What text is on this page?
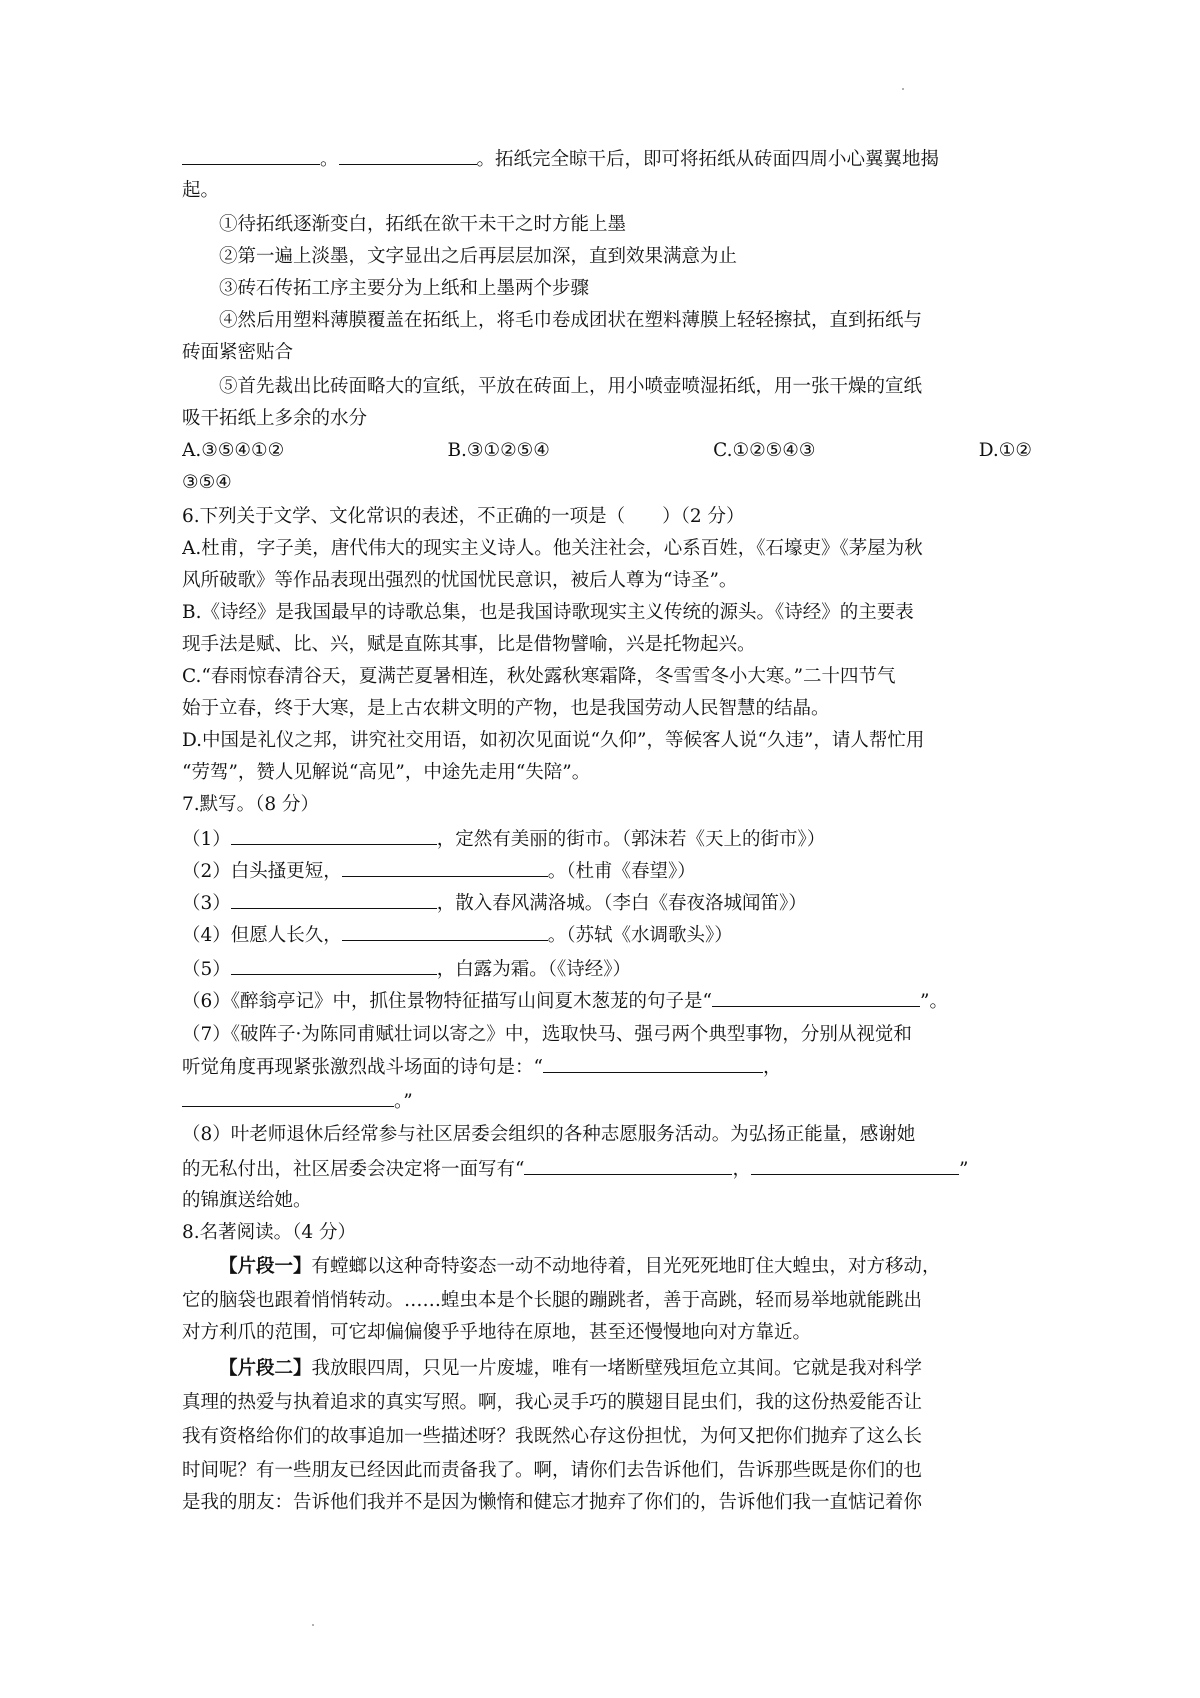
。	。拓纸完全晾干后，即可将拓纸从砖面四周小心翼翼地揭
起。
①待拓纸逐渐变白，拓纸在欲干未干之时方能上墨
②第一遍上淡墨，文字显出之后再层层加深，直到效果满意为止
③砖石传拓工序主要分为上纸和上墨两个步骤
④然后用塑料薄膜覆盖在拓纸上，将毛巾卷成团状在塑料薄膜上轻轻擦拭，直到拓纸与
砖面紧密贴合
⑤首先裁出比砖面略大的宣纸，平放在砖面上，用小喷壶喷湿拓纸，用一张干燥的宣纸
吸干拓纸上多余的水分
A.③⑤④①②	B.③①②⑤④	C.①②⑤④③	D.①②
③⑤④
6.下列关于文学、文化常识的表述，不正确的一项是（　　）（2 分）
A.杜甫，字子美，唐代伟大的现实主义诗人。他关注社会，心系百姓，《石壕吏》《茅屋为秋
风所破歌》等作品表现出强烈的忧国忧民意识，被后人尊为“诗圣”。
B.《诗经》是我国最早的诗歌总集，也是我国诗歌现实主义传统的源头。《诗经》的主要表
现手法是赋、比、兴，赋是直陈其事，比是借物譬喻，兴是托物起兴。
C.“春雨惊春清谷天，夏满芒夏暑相连，秋处露秋寒霜降，冬雪雪冬小大寒。”二十四节气
始于立春，终于大寒，是上古农耕文明的产物，也是我国劳动人民智慧的结晶。
D.中国是礼仪之邦，讲究社交用语，如初次见面说“久仰”，等候客人说“久违”，请人帮忙用
“劳驾”，赞人见解说“高见”，中途先走用“失陪”。
7.默写。（8 分）
（1）	，定然有美丽的街市。（郭沫若《天上的街市》）
（2）白头搔更短，	。（杜甫《春望》）
（3）	，散入春风满洛城。（李白《春夜洛城闻笛》）
（4）但愿人长久，	。（苏轼《水调歌头》）
（5）	，白露为霜。（《诗经》）
（6）《醉翁亭记》中，抓住景物特征描写山间夏木葱茏的句子是“	”。
（7）《破阵子·为陈同甫赋壮词以寄之》中，选取快马、强弓两个典型事物，分别从视觉和
听觉角度再现紧张激烈战斗场面的诗句是：“	，
。”
（8）叶老师退休后经常参与社区居委会组织的各种志愿服务活动。为弘扬正能量，感谢她
的无私付出，社区居委会决定将一面写有“	，	”
的锦旗送给她。
8.名著阅读。（4 分）
【片段一】有螳螂以这种奇特姿态一动不动地待着，目光死死地盯住大蝗虫，对方移动，
它的脑袋也跟着悄悄转动。……蝗虫本是个长腿的蹦跳者，善于高跳，轻而易举地就能跳出
对方利爪的范围，可它却偏偏傻乎乎地待在原地，甚至还慢慢地向对方靠近。
【片段二】我放眼四周，只见一片废墟，唯有一堵断壁残垣危立其间。它就是我对科学
真理的热爱与执着追求的真实写照。啊，我心灵手巧的膜翅目昆虫们，我的这份热爱能否让
我有资格给你们的故事追加一些描述呀？我既然心存这份担忧，为何又把你们抛弃了这么长
时间呢？有一些朋友已经因此而责备我了。啊，请你们去告诉他们，告诉那些既是你们的也
是我的朋友：告诉他们我并不是因为懒惰和健忘才抛弃了你们的，告诉他们我一直惦记着你
